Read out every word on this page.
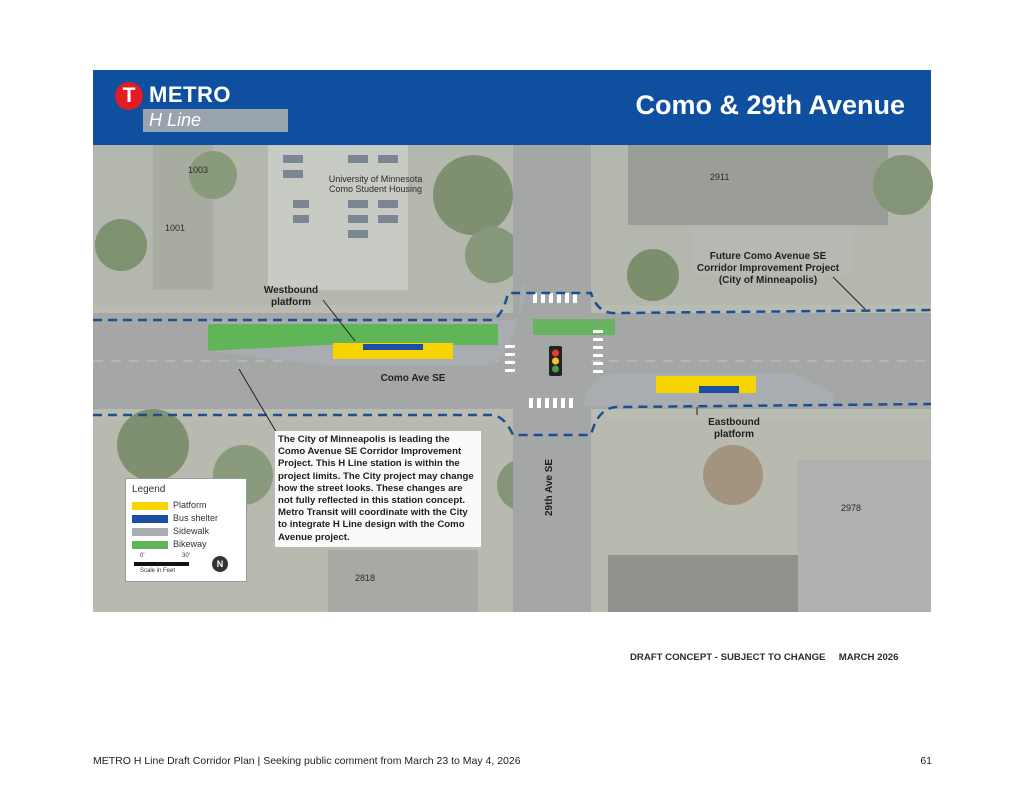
T METRO
H Line	Como & 29th Avenue
1003
1001
2911
2978
2818
University of Minnesota
Como Student Housing
Future Como Avenue SE
Corridor Improvement Project
(City of Minneapolis)
Westbound
platform
Eastbound
platform
Como Ave SE
29th Ave SE
The City of Minneapolis is leading the
Como Avenue SE Corridor Improvement
Project. This H Line station is within the
project limits. The City project may change
how the street looks. These changes are
not fully reflected in this station concept.
Metro Transit will coordinate with the City
to integrate H Line design with the Como
Avenue project.
Legend
Platform
Bus shelter
Sidewalk
Bikeway
0'	30'
Scale in Feet
N
DRAFT CONCEPT - SUBJECT TO CHANGE MARCH 2026
METRO H Line Draft Corridor Plan | Seeking public comment from March 23 to May 4, 2026	61
